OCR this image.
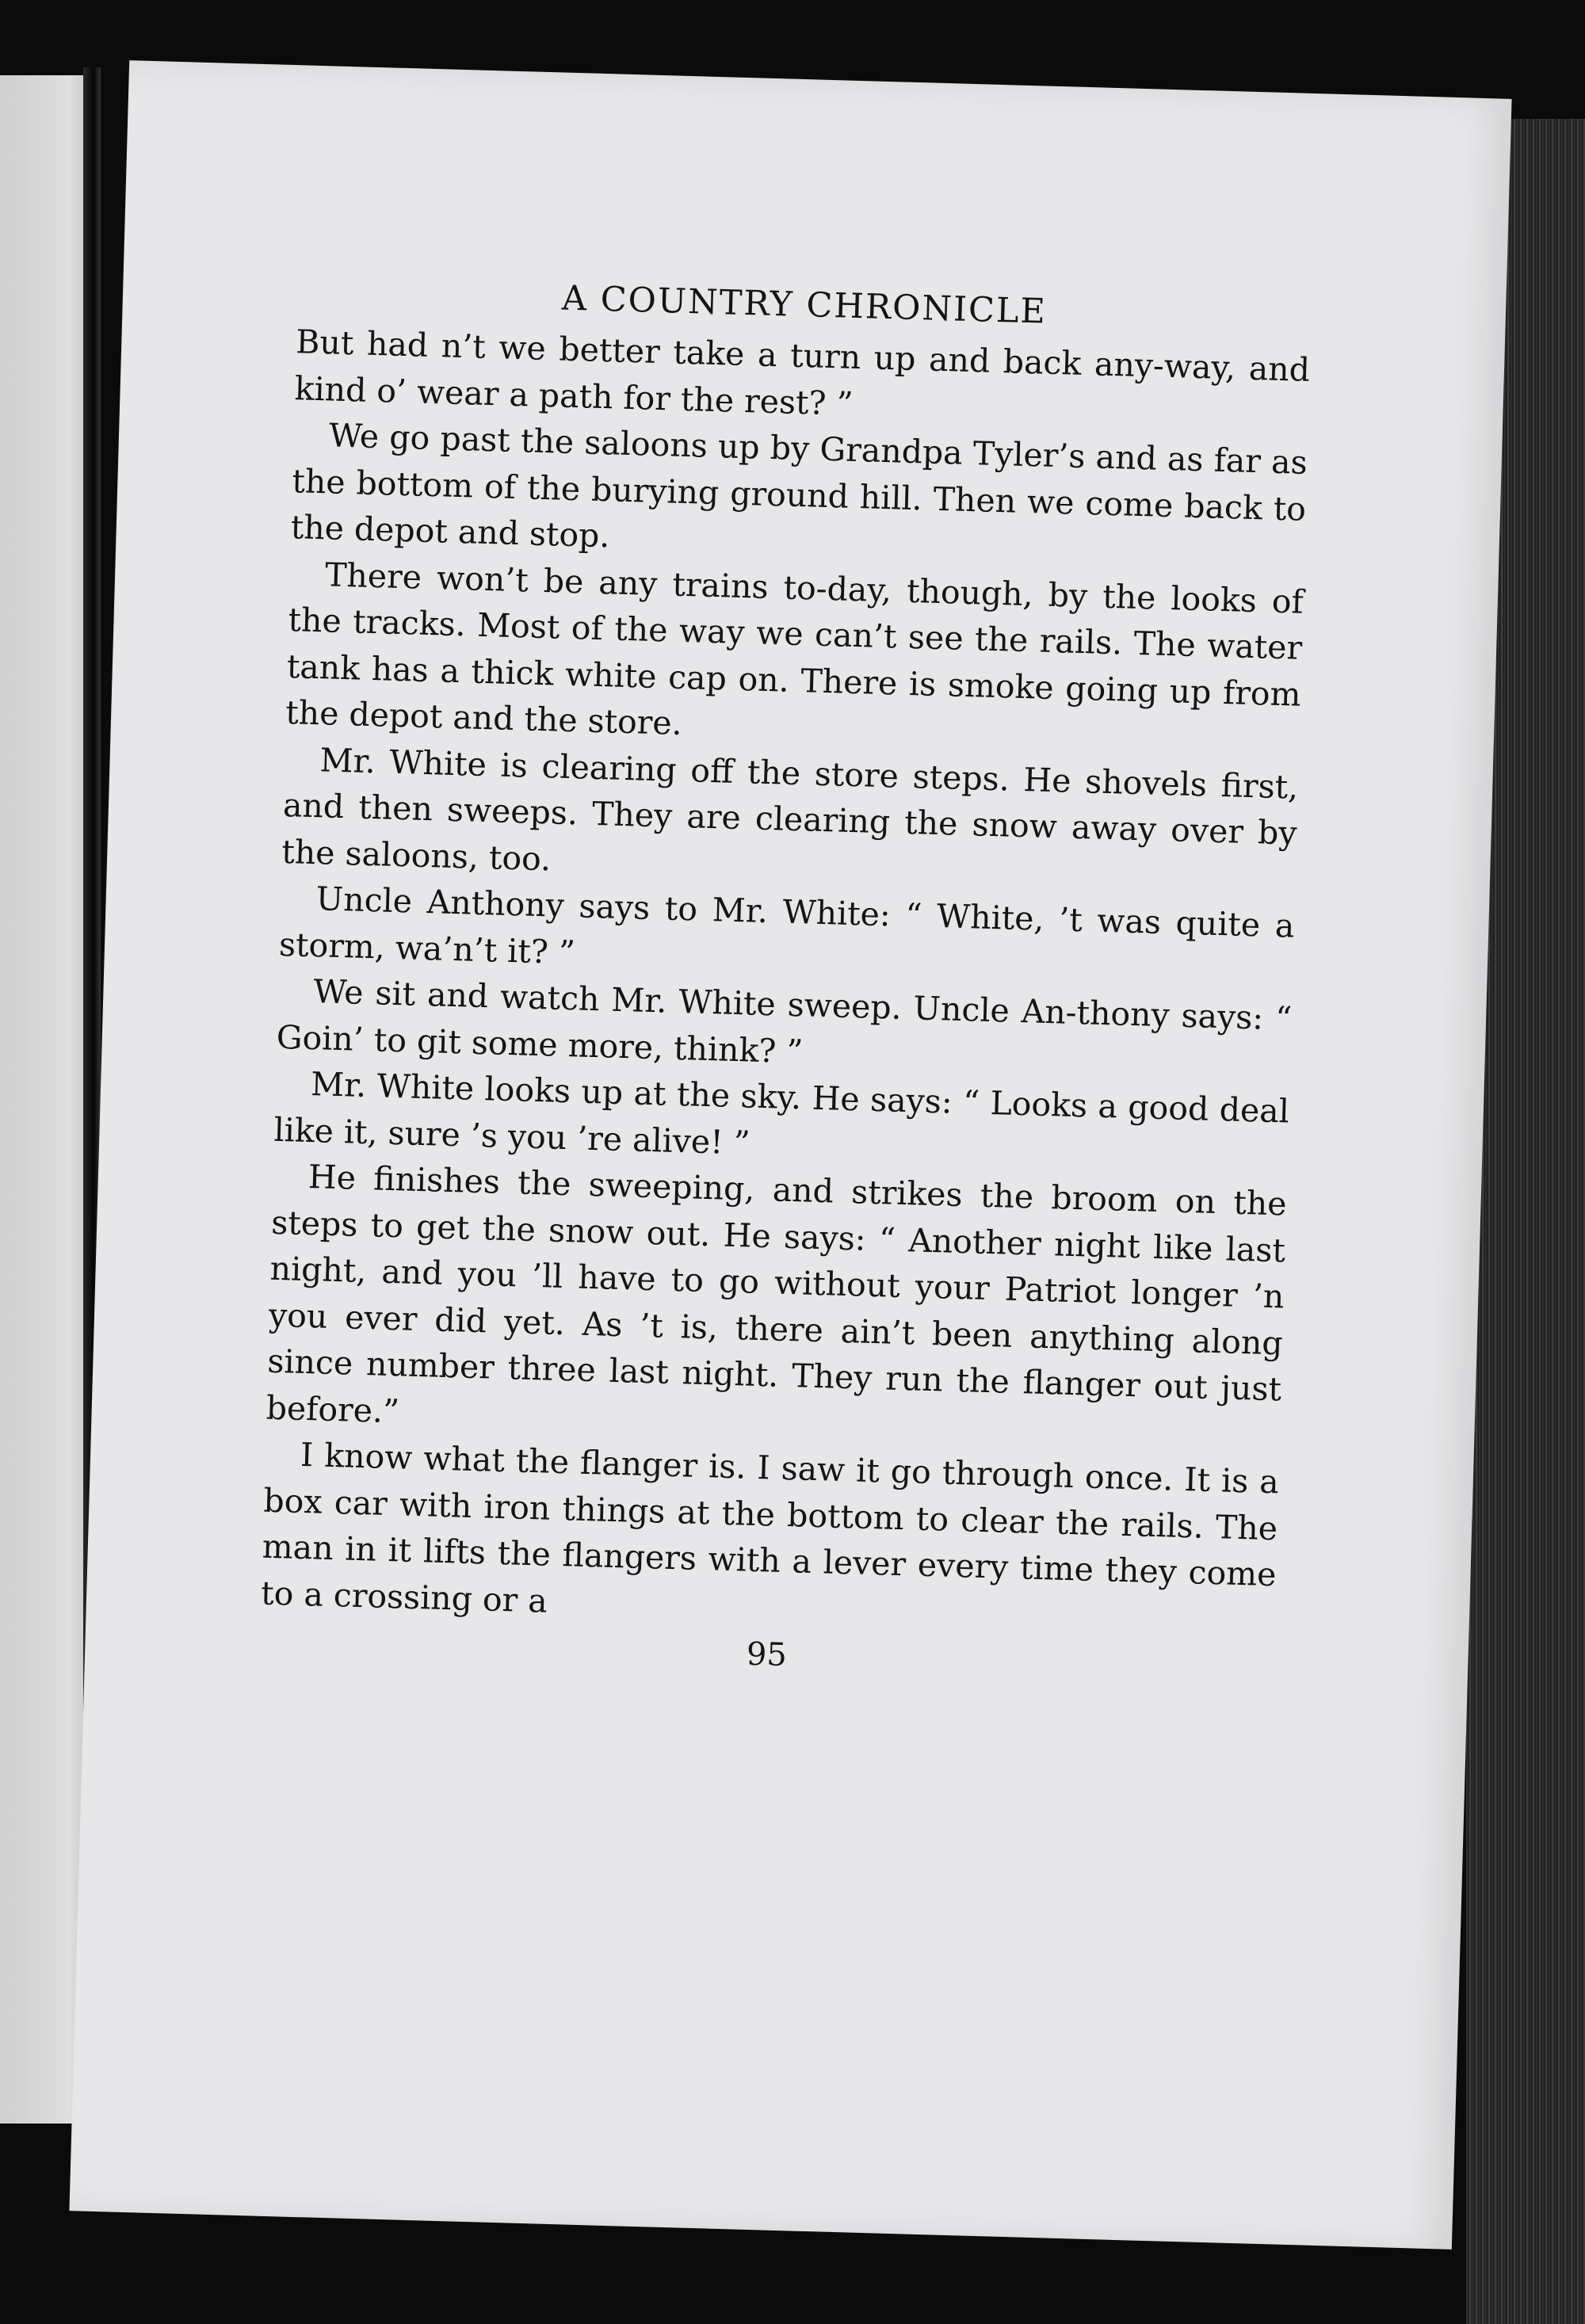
A COUNTRY CHRONICLE

But had n’t we better take a turn up and back any-way, and kind o’ wear a path for the rest? ”

We go past the saloons up by Grandpa Tyler’s and as far as the bottom of the burying ground hill. Then we come back to the depot and stop.

There won’t be any trains to-day, though, by the looks of the tracks. Most of the way we can’t see the rails. The water tank has a thick white cap on. There is smoke going up from the depot and the store.

Mr. White is clearing off the store steps. He shovels first, and then sweeps. They are clearing the snow away over by the saloons, too.

Uncle Anthony says to Mr. White: “ White, ’t was quite a storm, wa’n’t it? ”

We sit and watch Mr. White sweep. Uncle An-thony says: “ Goin’ to git some more, think? ”

Mr. White looks up at the sky. He says: “ Looks a good deal like it, sure ’s you ’re alive! ”

He finishes the sweeping, and strikes the broom on the steps to get the snow out. He says: “ Another night like last night, and you ’ll have to go without your Patriot longer ’n you ever did yet. As ’t is, there ain’t been anything along since number three last night. They run the flanger out just before.”

I know what the flanger is. I saw it go through once. It is a box car with iron things at the bottom to clear the rails. The man in it lifts the flangers with a lever every time they come to a crossing or a

95
